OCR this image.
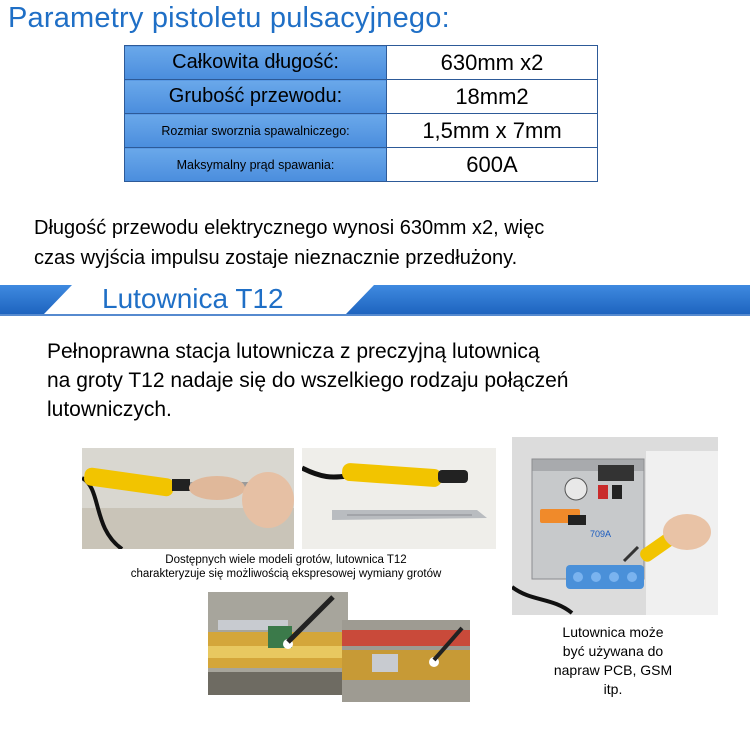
Parametry pistoletu pulsacyjnego:
Całkowita długość:	630mm x2
Grubość przewodu:	18mm2
Rozmiar sworznia spawalniczego:	1,5mm x 7mm
Maksymalny prąd spawania:	600A
Długość przewodu elektrycznego wynosi 630mm x2, więc
czas wyjścia impulsu zostaje nieznacznie przedłużony.
Lutownica T12
Pełnoprawna stacja lutownicza z preczyjną lutownicą
na groty T12 nadaje się do wszelkiego rodzaju połączeń
lutowniczych.
Dostępnych wiele modeli grotów, lutownica T12
charakteryzuje się możliwością ekspresowej wymiany grotów
709A
Lutownica może
być używana do
napraw PCB, GSM
itp.
